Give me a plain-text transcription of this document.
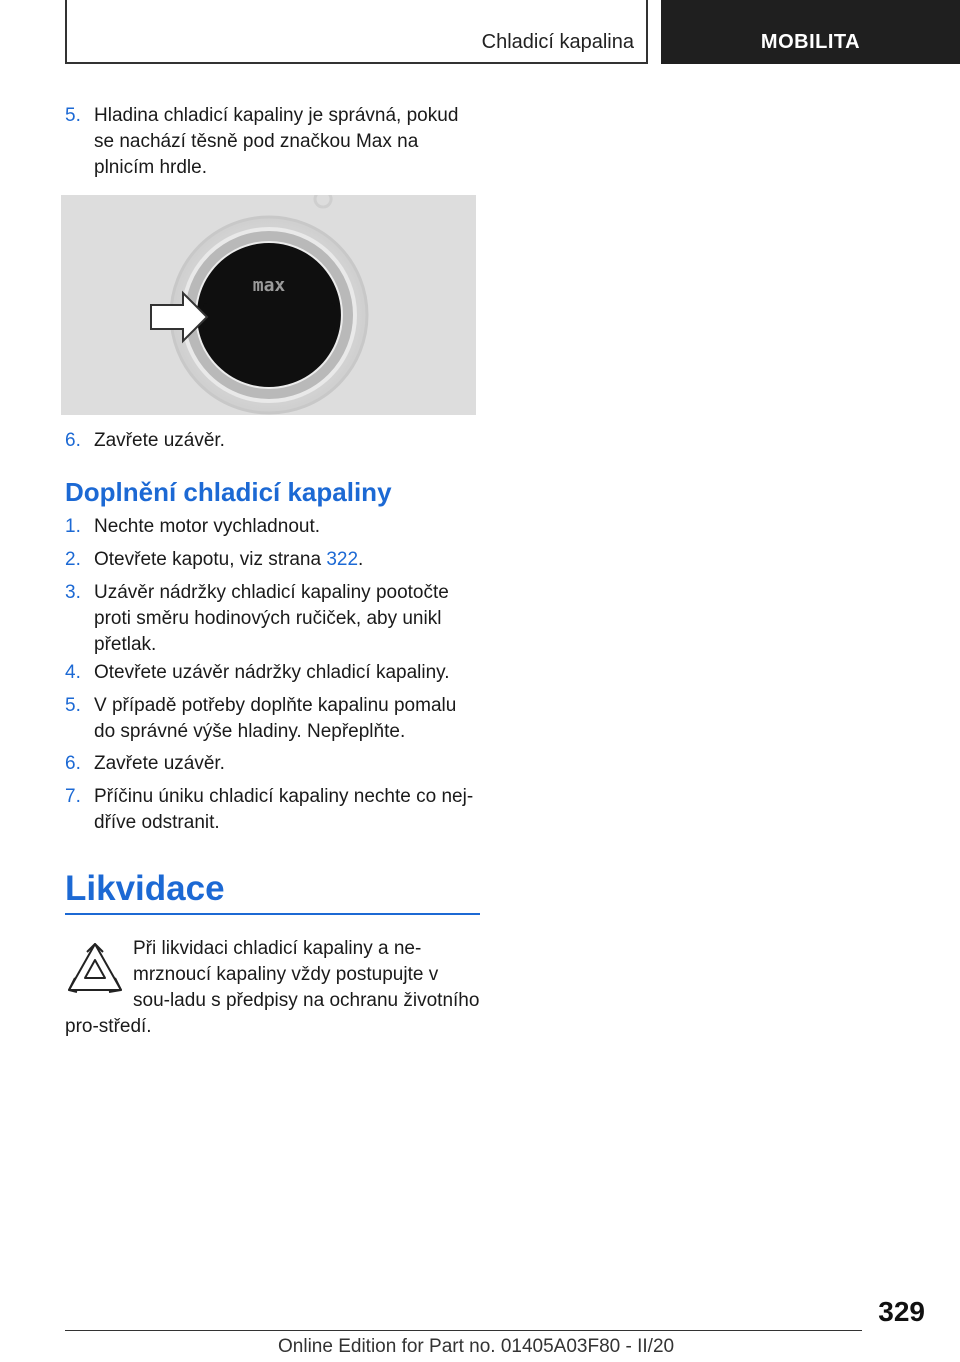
Chladicí kapalina	MOBILITA
5. Hladina chladicí kapaliny je správná, pokud se nachází těsně pod značkou Max na plnicím hrdle.
max
6. Zavřete uzávěr.
Doplnění chladicí kapaliny
1. Nechte motor vychladnout.
2. Otevřete kapotu, viz strana 322.
3. Uzávěr nádržky chladicí kapaliny pootočte proti směru hodinových ručiček, aby unikl přetlak.
4. Otevřete uzávěr nádržky chladicí kapaliny.
5. V případě potřeby doplňte kapalinu pomalu do správné výše hladiny. Nepřeplňte.
6. Zavřete uzávěr.
7. Příčinu úniku chladicí kapaliny nechte co nej‐dříve odstranit.
Likvidace
Při likvidaci chladicí kapaliny a ne‐mrznoucí kapaliny vždy postupujte v sou‐ladu s předpisy na ochranu životního pro‐středí.
329
Online Edition for Part no. 01405A03F80 - II/20
